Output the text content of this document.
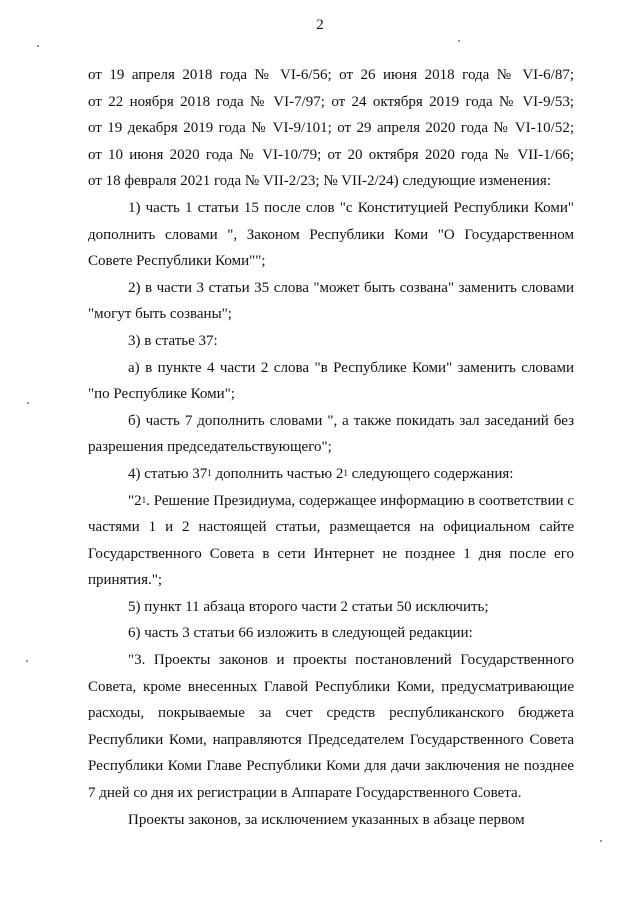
2

от 19 апреля 2018 года № VI-6/56; от 26 июня 2018 года № VI-6/87;
от 22 ноября 2018 года № VI-7/97; от 24 октября 2019 года № VI-9/53;
от 19 декабря 2019 года № VI-9/101; от 29 апреля 2020 года № VI-10/52;
от 10 июня 2020 года № VI-10/79; от 20 октября 2020 года № VII-1/66;
от 18 февраля 2021 года № VII-2/23; № VII-2/24) следующие изменения:

1) часть 1 статьи 15 после слов "с Конституцией Республики Коми" дополнить словами ", Законом Республики Коми "О Государственном Совете Республики Коми"";

2) в части 3 статьи 35 слова "может быть созвана" заменить словами "могут быть созваны";

3) в статье 37:

а) в пункте 4 части 2 слова "в Республике Коми" заменить словами "по Республике Коми";

б) часть 7 дополнить словами ", а также покидать зал заседаний без разрешения председательствующего";

4) статью $37^1$ дополнить частью $2^1$ следующего содержания:

"$2^1$. Решение Президиума, содержащее информацию в соответствии с частями 1 и 2 настоящей статьи, размещается на официальном сайте Государственного Совета в сети Интернет не позднее 1 дня после его принятия.";

5) пункт 11 абзаца второго части 2 статьи 50 исключить;

6) часть 3 статьи 66 изложить в следующей редакции:

"3. Проекты законов и проекты постановлений Государственного Совета, кроме внесенных Главой Республики Коми, предусматривающие расходы, покрываемые за счет средств республиканского бюджета Республики Коми, направляются Председателем Государственного Совета Республики Коми Главе Республики Коми для дачи заключения не позднее 7 дней со дня их регистрации в Аппарате Государственного Совета.

Проекты законов, за исключением указанных в абзаце первом
